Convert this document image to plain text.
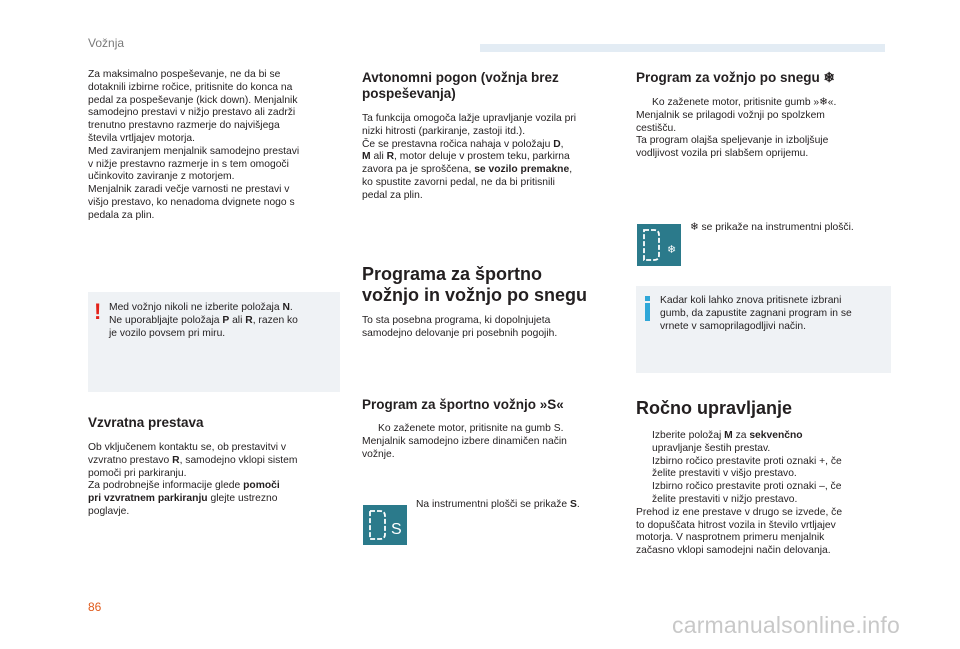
Vožnja

Za maksimalno pospeševanje, ne da bi se

dotaknili izbirne ročice, pritisnite do konca na

pedal za pospeševanje (kick down). Menjalnik

samodejno prestavi v nižjo prestavo ali zadrži

trenutno prestavno razmerje do najvišjega

števila vrtljajev motorja.

Med zaviranjem menjalnik samodejno prestavi

v nižje prestavno razmerje in s tem omogoči

učinkovito zaviranje z motorjem.

Menjalnik zaradi večje varnosti ne prestavi v

višjo prestavo, ko nenadoma dvignete nogo s

pedala za plin.

! Med vožnjo nikoli ne izberite položaja N.

Ne uporabljajte položaja P ali R, razen ko

je vozilo povsem pri miru.

Vzvratna prestava

Ob vključenem kontaktu se, ob prestavitvi v

vzvratno prestavo R, samodejno vklopi sistem

pomoči pri parkiranju.

Za podrobnejše informacije glede pomoči

pri vzvratnem parkiranju glejte ustrezno

poglavje.

Avtonomni pogon (vožnja brez
pospeševanja)

Ta funkcija omogoča lažje upravljanje vozila pri

nizki hitrosti (parkiranje, zastoji itd.).

Če se prestavna ročica nahaja v položaju D,

M ali R, motor deluje v prostem teku, parkirna

zavora pa je sproščena, se vozilo premakne,

ko spustite zavorni pedal, ne da bi pritisnili

pedal za plin.

Programa za športno
vožnjo in vožnjo po snegu

To sta posebna programa, ki dopolnjujeta

samodejno delovanje pri posebnih pogojih.

Program za športno vožnjo »S«

Ko zaženete motor, pritisnite na gumb S.

Menjalnik samodejno izbere dinamičen način

vožnje.

S

Na instrumentni plošči se prikaže S.

Program za vožnjo po snegu ❄

Ko zaženete motor, pritisnite gumb »❄«.

Menjalnik se prilagodi vožnji po spolzkem

cestišču.

Ta program olajša speljevanje in izboljšuje

vodljivost vozila pri slabšem oprijemu.

❄
❄ se prikaže na instrumentni plošči.

Kadar koli lahko znova pritisnete izbrani

gumb, da zapustite zagnani program in se

vrnete v samoprilagodljivi način.

Ročno upravljanje

Izberite položaj M za sekvenčno

upravljanje šestih prestav.

Izbirno ročico prestavite proti oznaki +, če

želite prestaviti v višjo prestavo.

Izbirno ročico prestavite proti oznaki –, če

želite prestaviti v nižjo prestavo.

Prehod iz ene prestave v drugo se izvede, če

to dopuščata hitrost vozila in število vrtljajev

motorja. V nasprotnem primeru menjalnik

začasno vklopi samodejni način delovanja.

86
carmanualsonline.info
